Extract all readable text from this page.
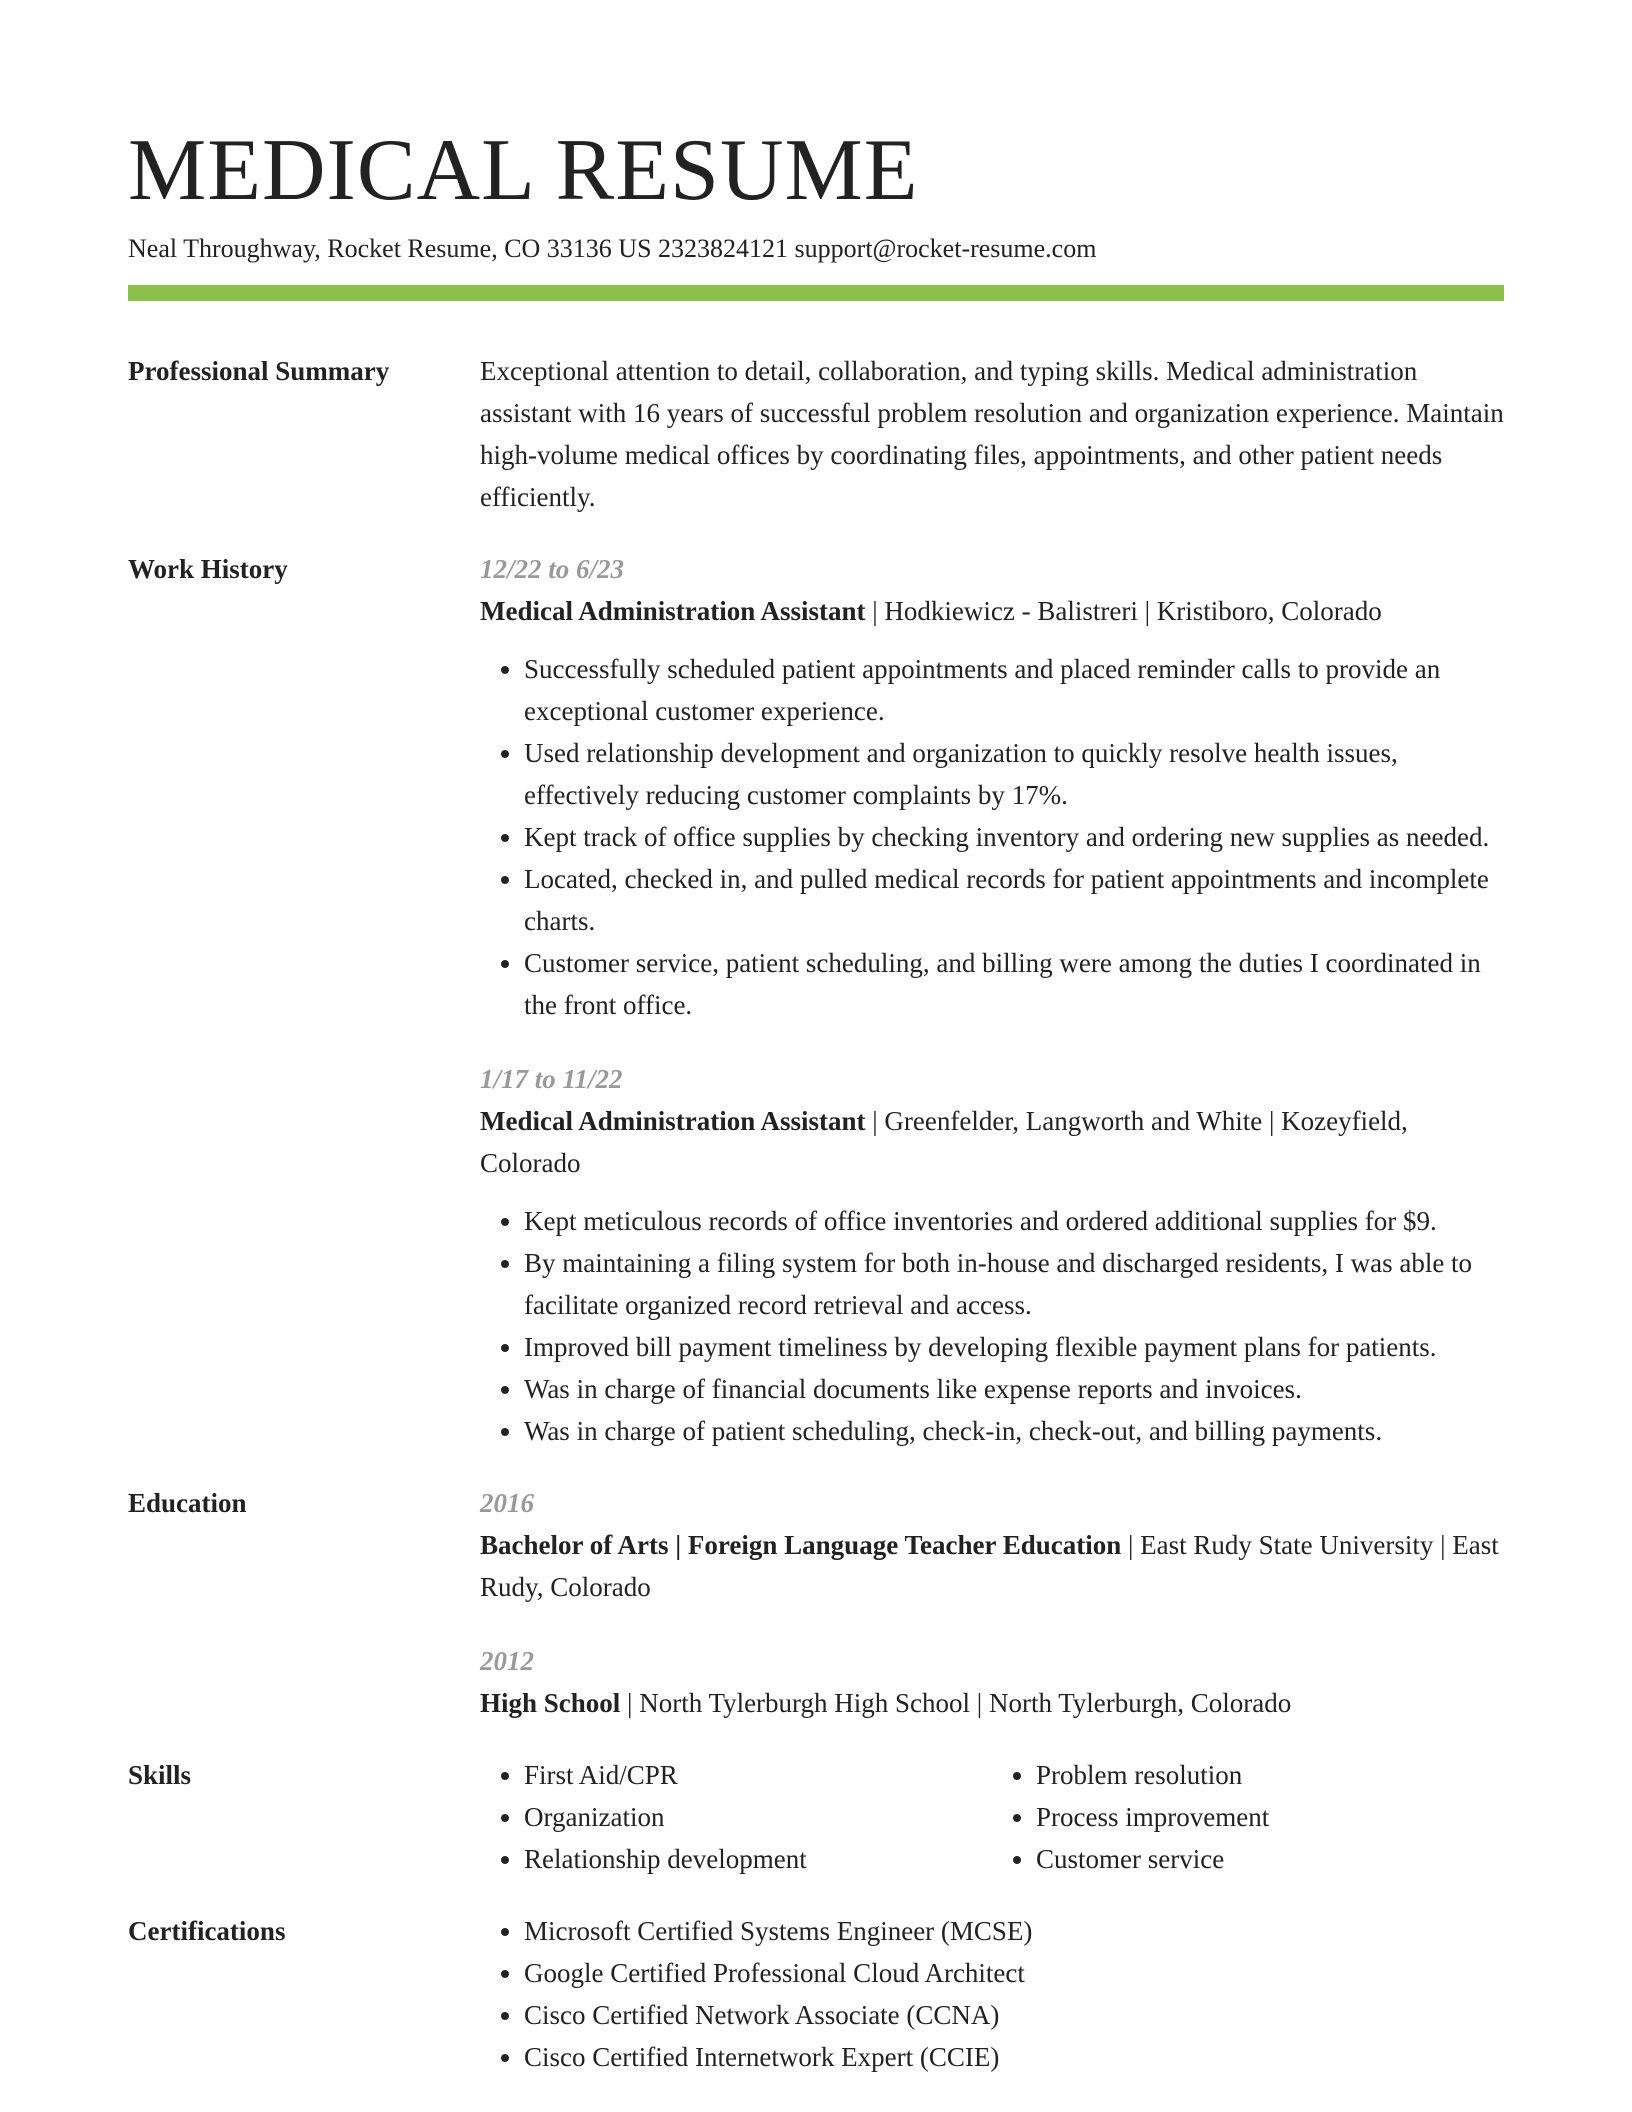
MEDICAL RESUME
Neal Throughway, Rocket Resume, CO 33136 US 2323824121 support@rocket-resume.com
Professional Summary	Exceptional attention to detail, collaboration, and typing skills. Medical administration assistant with 16 years of successful problem resolution and organization experience. Maintain high-volume medical offices by coordinating files, appointments, and other patient needs efficiently.

Work History	12/22 to 6/23

Medical Administration Assistant | Hodkiewicz - Balistreri | Kristiboro, Colorado

• Successfully scheduled patient appointments and placed reminder calls to provide an exceptional customer experience.
• Used relationship development and organization to quickly resolve health issues, effectively reducing customer complaints by 17%.
• Kept track of office supplies by checking inventory and ordering new supplies as needed.
• Located, checked in, and pulled medical records for patient appointments and incomplete charts.
• Customer service, patient scheduling, and billing were among the duties I coordinated in the front office.

1/17 to 11/22

Medical Administration Assistant | Greenfelder, Langworth and White | Kozeyfield, Colorado

• Kept meticulous records of office inventories and ordered additional supplies for $9.
• By maintaining a filing system for both in-house and discharged residents, I was able to facilitate organized record retrieval and access.
• Improved bill payment timeliness by developing flexible payment plans for patients.
• Was in charge of financial documents like expense reports and invoices.
• Was in charge of patient scheduling, check-in, check-out, and billing payments.
Education	2016

Bachelor of Arts | Foreign Language Teacher Education | East Rudy State University | East Rudy, Colorado

2012

High School | North Tylerburgh High School | North Tylerburgh, Colorado

Skills	• First Aid/CPR
• Organization
• Relationship development
• Problem resolution
• Process improvement
• Customer service
Certifications	• Microsoft Certified Systems Engineer (MCSE)
• Google Certified Professional Cloud Architect
• Cisco Certified Network Associate (CCNA)
• Cisco Certified Internetwork Expert (CCIE)
